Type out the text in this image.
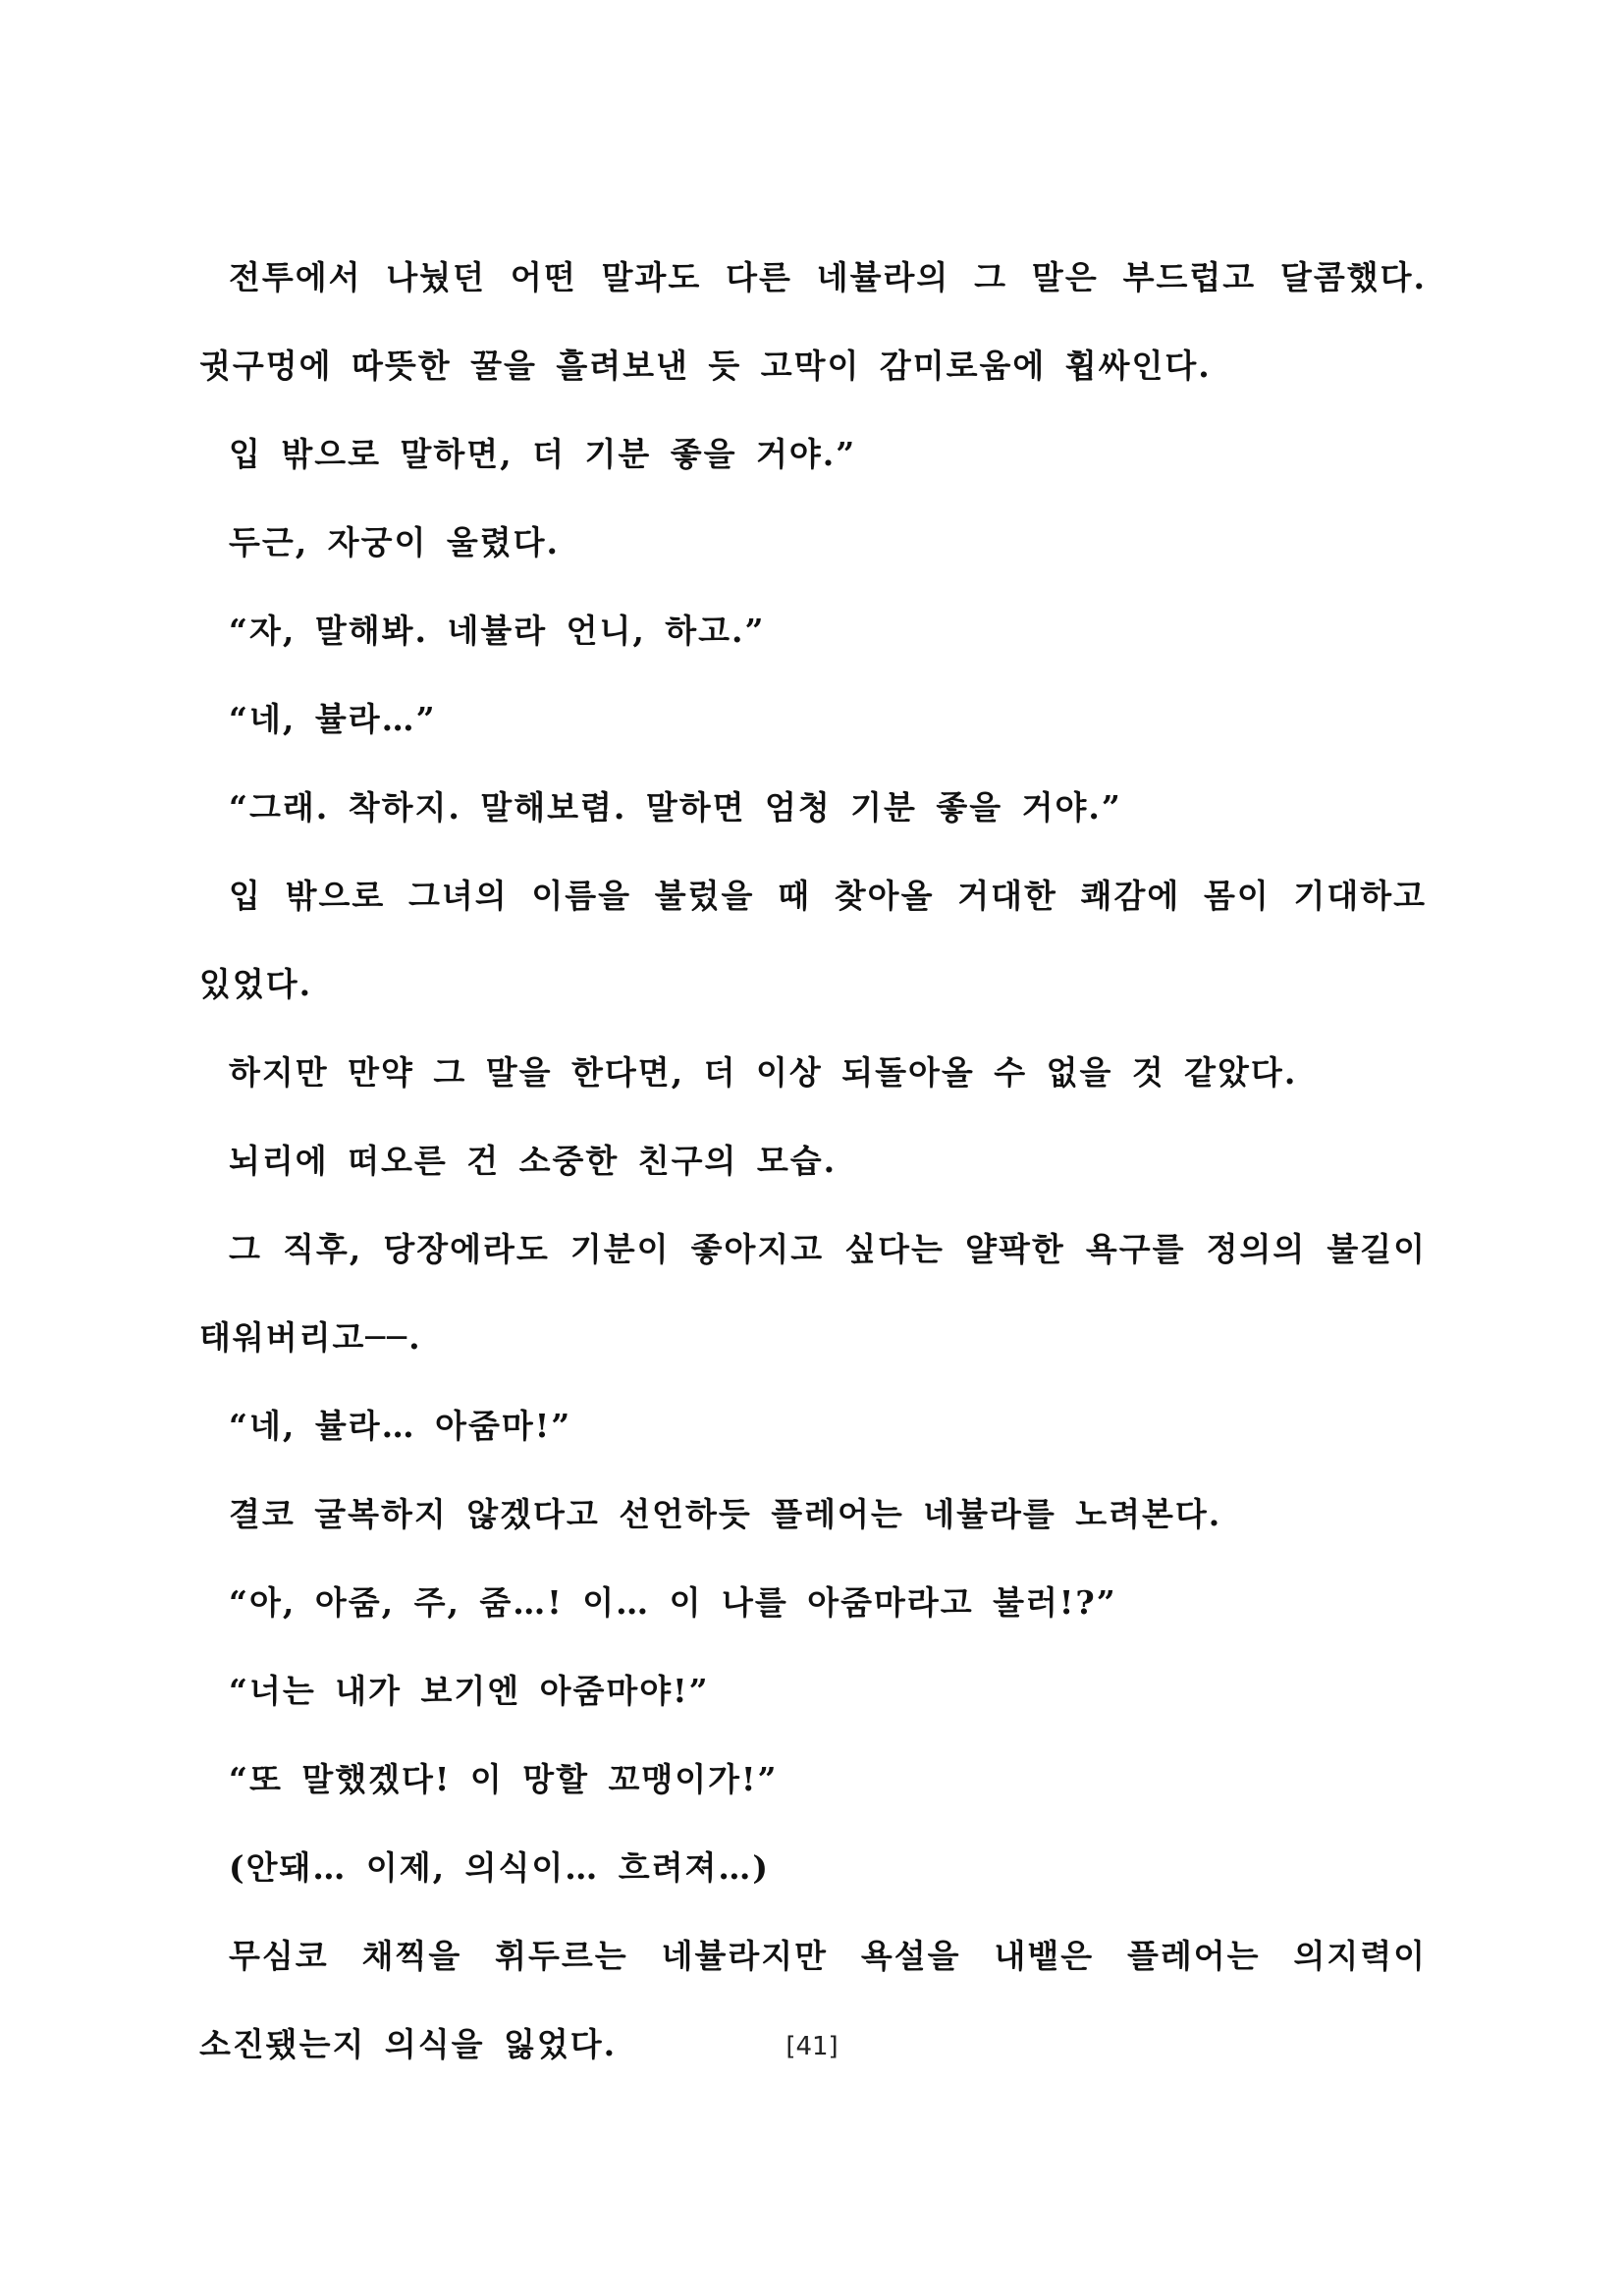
전투에서 나눴던 어떤 말과도 다른 네뷸라의 그 말은 부드럽고 달콤했다. 귓구멍에 따뜻한 꿀을 흘려보낸 듯 고막이 감미로움에 휩싸인다.

입 밖으로 말하면, 더 기분 좋을 거야.”

두근, 자궁이 울렸다.

“자, 말해봐. 네뷸라 언니, 하고.”

“네, 뷸라…”

“그래. 착하지. 말해보렴. 말하면 엄청 기분 좋을 거야.”

입 밖으로 그녀의 이름을 불렀을 때 찾아올 거대한 쾌감에 몸이 기대하고 있었다.

하지만 만약 그 말을 한다면, 더 이상 되돌아올 수 없을 것 같았다.

뇌리에 떠오른 건 소중한 친구의 모습.

그 직후, 당장에라도 기분이 좋아지고 싶다는 얄팍한 욕구를 정의의 불길이 태워버리고──.

“네, 뷸라… 아줌마!”

결코 굴복하지 않겠다고 선언하듯 플레어는 네뷸라를 노려본다.

“아, 아줌, 주, 줌…! 이… 이 나를 아줌마라고 불러!?”

“너는 내가 보기엔 아줌마야!”

“또 말했겠다! 이 망할 꼬맹이가!”

(안돼… 이제, 의식이… 흐려져…)

무심코 채찍을 휘두르는 네뷸라지만 욕설을 내뱉은 플레어는 의지력이 소진됐는지 의식을 잃었다.	[41]
